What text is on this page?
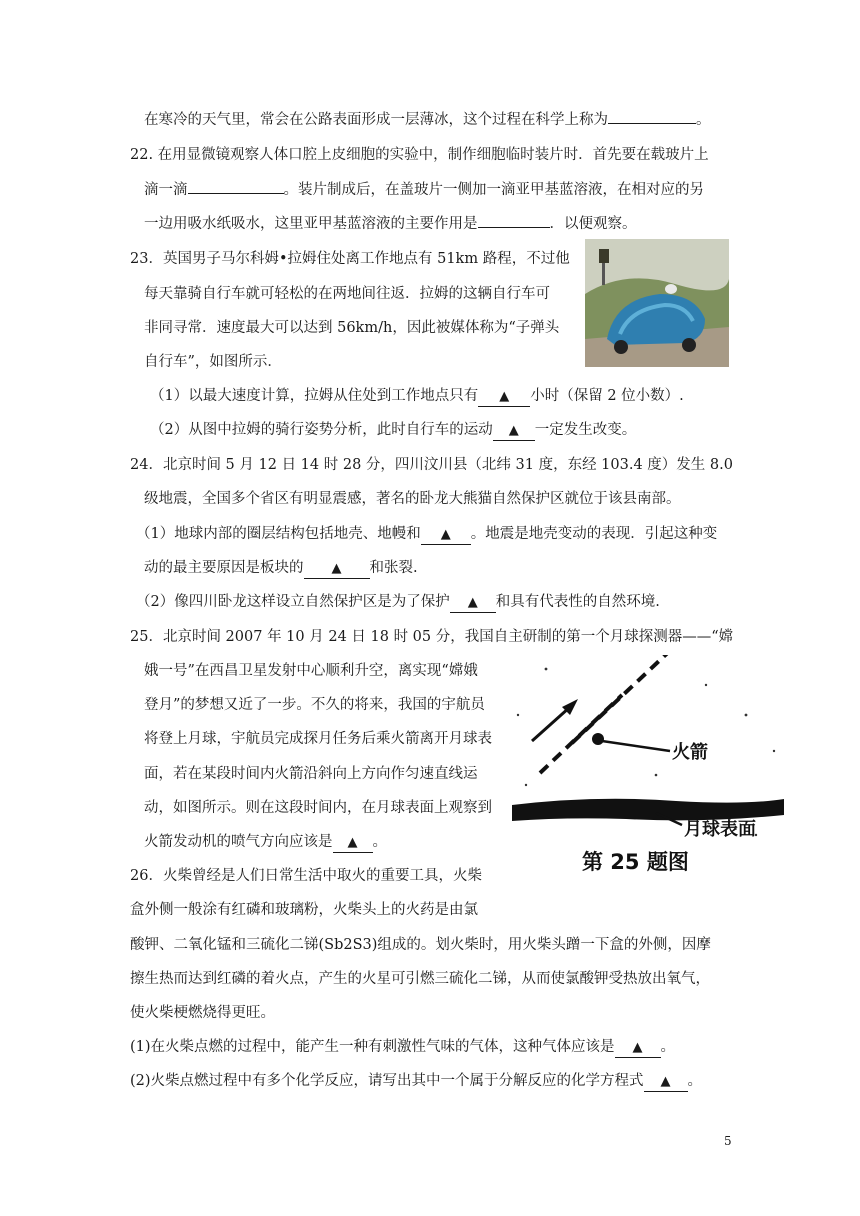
在寒冷的天气里，常会在公路表面形成一层薄冰，这个过程在科学上称为	。
22. 在用显微镜观察人体口腔上皮细胞的实验中，制作细胞临时装片时．首先要在载玻片上
滴一滴	。装片制成后，在盖玻片一侧加一滴亚甲基蓝溶液，在相对应的另
一边用吸水纸吸水，这里亚甲基蓝溶液的主要作用是	．以便观察。
23．英国男子马尔科姆•拉姆住处离工作地点有 51km 路程，不过他
每天靠骑自行车就可轻松的在两地间往返．拉姆的这辆自行车可
非同寻常．速度最大可以达到 56km/h，因此被媒体称为“子弹头
自行车”，如图所示．
（1）以最大速度计算，拉姆从住处到工作地点只有 ▲ 小时（保留 2 位小数）.
（2）从图中拉姆的骑行姿势分析，此时自行车的运动 ▲ 一定发生改变。
24．北京时间 5 月 12 日 14 时 28 分，四川汶川县（北纬 31 度，东经 103.4 度）发生 8.0
级地震，全国多个省区有明显震感，著名的卧龙大熊猫自然保护区就位于该县南部。
（1）地球内部的圈层结构包括地壳、地幔和 ▲ 。地震是地壳变动的表现．引起这种变
动的最主要原因是板块的 ▲ 和张裂.
（2）像四川卧龙这样设立自然保护区是为了保护 ▲ 和具有代表性的自然环境.
25．北京时间 2007 年 10 月 24 日 18 时 05 分，我国自主研制的第一个月球探测器——“嫦
娥一号”在西昌卫星发射中心顺利升空，离实现“嫦娥
登月”的梦想又近了一步。不久的将来，我国的宇航员
将登上月球，宇航员完成探月任务后乘火箭离开月球表
面，若在某段时间内火箭沿斜向上方向作匀速直线运
动，如图所示。则在这段时间内，在月球表面上观察到
火箭发动机的喷气方向应该是 ▲ 。
火箭
月球表面
第 25 题图
26．火柴曾经是人们日常生活中取火的重要工具，火柴
盒外侧一般涂有红磷和玻璃粉，火柴头上的火药是由氯
酸钾、二氧化锰和三硫化二锑(Sb2S3)组成的。划火柴时，用火柴头蹭一下盒的外侧，因摩
擦生热而达到红磷的着火点，产生的火星可引燃三硫化二锑，从而使氯酸钾受热放出氧气，
使火柴梗燃烧得更旺。
(1)在火柴点燃的过程中，能产生一种有刺激性气味的气体，这种气体应该是 ▲ 。
(2)火柴点燃过程中有多个化学反应，请写出其中一个属于分解反应的化学方程式 ▲ 。
5
